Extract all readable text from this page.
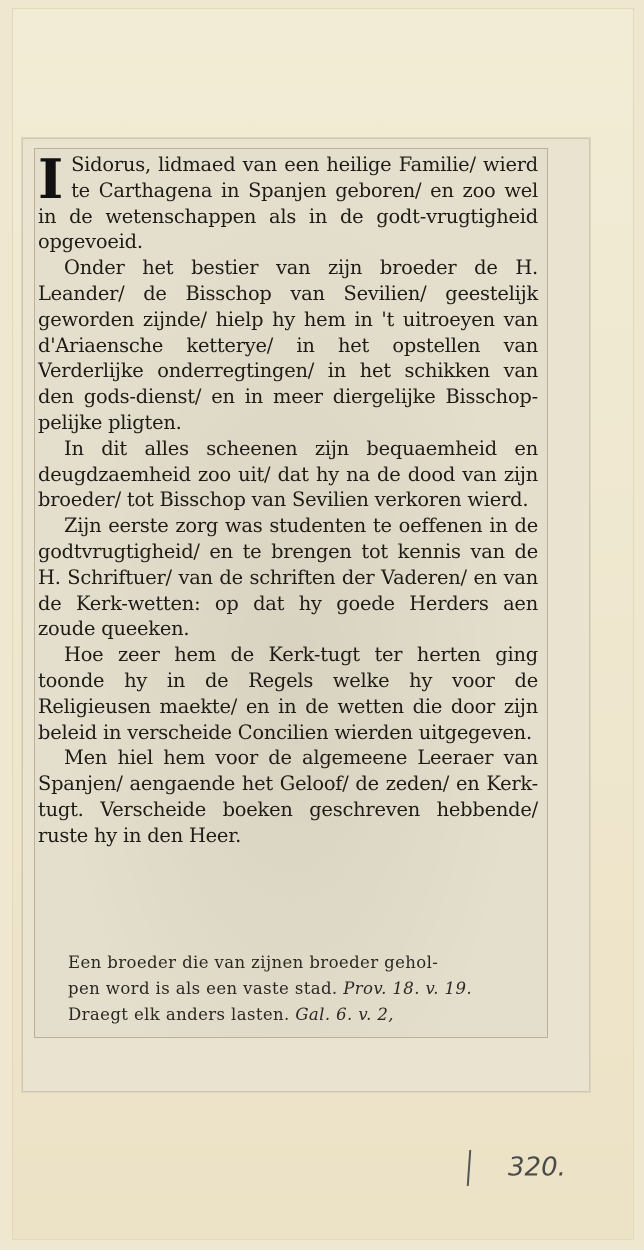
I Sidorus, lidmaed van een heilige Familie/ wierd te Carthagena in Spanjen geboren/ en zoo wel in de wetenschappen als in de godt-vrugtigheid opgevoeid.

Onder het bestier van zijn broeder de H. Leander/ de Bisschop van Sevilien/ geestelijk geworden zijnde/ hielp hy hem in 't uitroeyen van d'Ariaensche ketterye/ in het opstellen van Verderlijke onderregtingen/ in het schikken van den gods-dienst/ en in meer diergelijke Bisschop-pelijke pligten.

In dit alles scheenen zijn bequaemheid en deugdzaemheid zoo uit/ dat hy na de dood van zijn broeder/ tot Bisschop van Sevilien verkoren wierd.

Zijn eerste zorg was studenten te oeffenen in de godtvrugtigheid/ en te brengen tot kennis van de H. Schriftuer/ van de schriften der Vaderen/ en van de Kerk-wetten: op dat hy goede Herders aen zoude queeken.

Hoe zeer hem de Kerk-tugt ter herten ging toonde hy in de Regels welke hy voor de Religieusen maekte/ en in de wetten die door zijn beleid in verscheide Concilien wierden uitgegeven.

Men hiel hem voor de algemeene Leeraer van Spanjen/ aengaende het Geloof/ de zeden/ en Kerk-tugt. Verscheide boeken geschreven hebbende/ ruste hy in den Heer.

Een broeder die van zijnen broeder gehol-
pen word is als een vaste stad. Prov. 18. v. 19.
Draegt elk anders lasten. Gal. 6. v. 2,
320.
